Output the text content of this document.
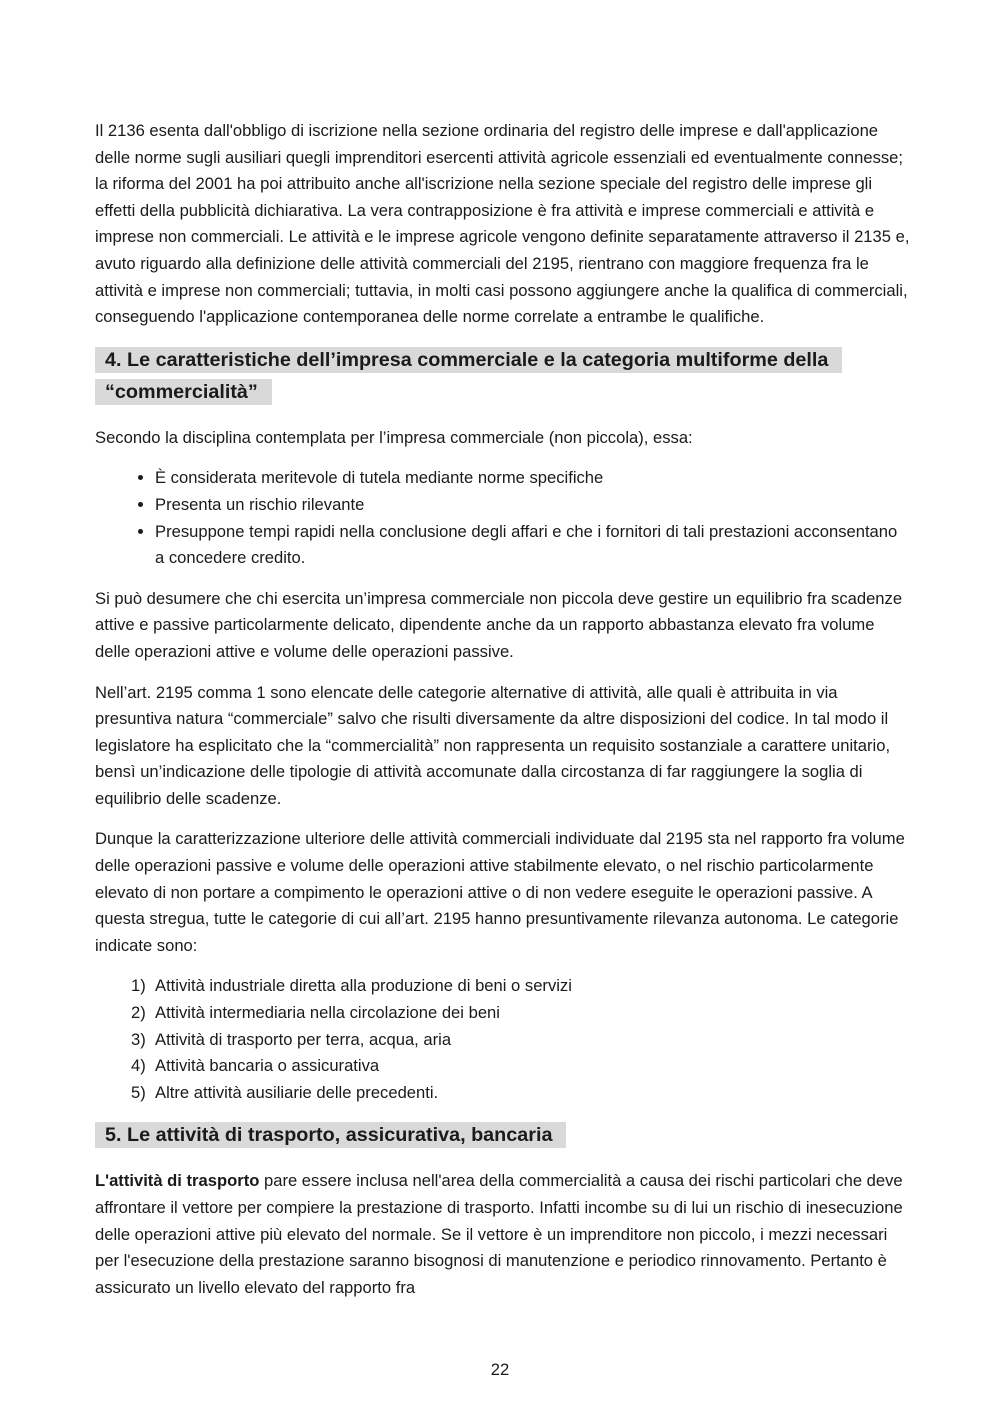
Il 2136 esenta dall'obbligo di iscrizione nella sezione ordinaria del registro delle imprese e dall'applicazione delle norme sugli ausiliari quegli imprenditori esercenti attività agricole essenziali ed eventualmente connesse; la riforma del 2001 ha poi attribuito anche all'iscrizione nella sezione speciale del registro delle imprese gli effetti della pubblicità dichiarativa. La vera contrapposizione è fra attività e imprese commerciali e attività e imprese non commerciali. Le attività e le imprese agricole vengono definite separatamente attraverso il 2135 e, avuto riguardo alla definizione delle attività commerciali del 2195, rientrano con maggiore frequenza fra le attività e imprese non commerciali; tuttavia, in molti casi possono aggiungere anche la qualifica di commerciali, conseguendo l'applicazione contemporanea delle norme correlate a entrambe le qualifiche.

4. Le caratteristiche dell’impresa commerciale e la categoria multiforme della “commercialità”

Secondo la disciplina contemplata per l’impresa commerciale (non piccola), essa:

• È considerata meritevole di tutela mediante norme specifiche
• Presenta un rischio rilevante
• Presuppone tempi rapidi nella conclusione degli affari e che i fornitori di tali prestazioni acconsentano a concedere credito.

Si può desumere che chi esercita un’impresa commerciale non piccola deve gestire un equilibrio fra scadenze attive e passive particolarmente delicato, dipendente anche da un rapporto abbastanza elevato fra volume delle operazioni attive e volume delle operazioni passive.

Nell’art. 2195 comma 1 sono elencate delle categorie alternative di attività, alle quali è attribuita in via presuntiva natura “commerciale” salvo che risulti diversamente da altre disposizioni del codice. In tal modo il legislatore ha esplicitato che la “commercialità” non rappresenta un requisito sostanziale a carattere unitario, bensì un’indicazione delle tipologie di attività accomunate dalla circostanza di far raggiungere la soglia di equilibrio delle scadenze.

Dunque la caratterizzazione ulteriore delle attività commerciali individuate dal 2195 sta nel rapporto fra volume delle operazioni passive e volume delle operazioni attive stabilmente elevato, o nel rischio particolarmente elevato di non portare a compimento le operazioni attive o di non vedere eseguite le operazioni passive. A questa stregua, tutte le categorie di cui all’art. 2195 hanno presuntivamente rilevanza autonoma. Le categorie indicate sono:

1. Attività industriale diretta alla produzione di beni o servizi
2. Attività intermediaria nella circolazione dei beni
3. Attività di trasporto per terra, acqua, aria
4. Attività bancaria o assicurativa
5. Altre attività ausiliarie delle precedenti.
5. Le attività di trasporto, assicurativa, bancaria

L'attività di trasporto pare essere inclusa nell'area della commercialità a causa dei rischi particolari che deve affrontare il vettore per compiere la prestazione di trasporto. Infatti incombe su di lui un rischio di inesecuzione delle operazioni attive più elevato del normale. Se il vettore è un imprenditore non piccolo, i mezzi necessari per l'esecuzione della prestazione saranno bisognosi di manutenzione e periodico rinnovamento. Pertanto è assicurato un livello elevato del rapporto fra

22
